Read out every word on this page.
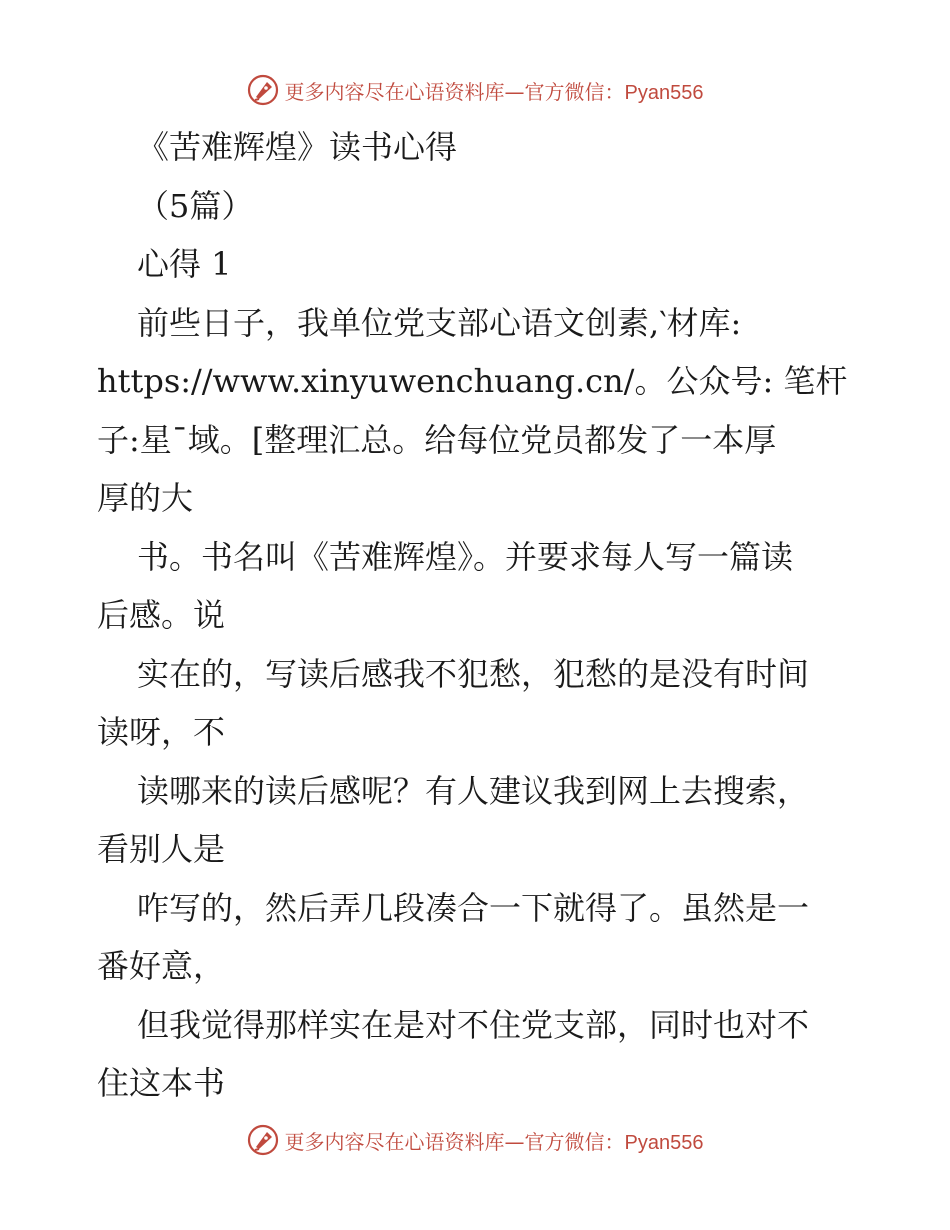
更多内容尽在心语资料库—官方微信：Pyan556
《苦难辉煌》读书心得
（5篇）
心得 1
前些日子，我单位党支部心语文创素,‵材库:
https://www.xinyuwenchuang.cn/。公众号: 笔杆
子:星¯域。[整理汇总。给每位党员都发了一本厚
厚的大
书。书名叫《苦难辉煌》。并要求每人写一篇读
后感。说
实在的，写读后感我不犯愁，犯愁的是没有时间
读呀，不
读哪来的读后感呢？有人建议我到网上去搜索，
看别人是
咋写的，然后弄几段凑合一下就得了。虽然是一
番好意，
但我觉得那样实在是对不住党支部，同时也对不
住这本书
更多内容尽在心语资料库—官方微信：Pyan556
